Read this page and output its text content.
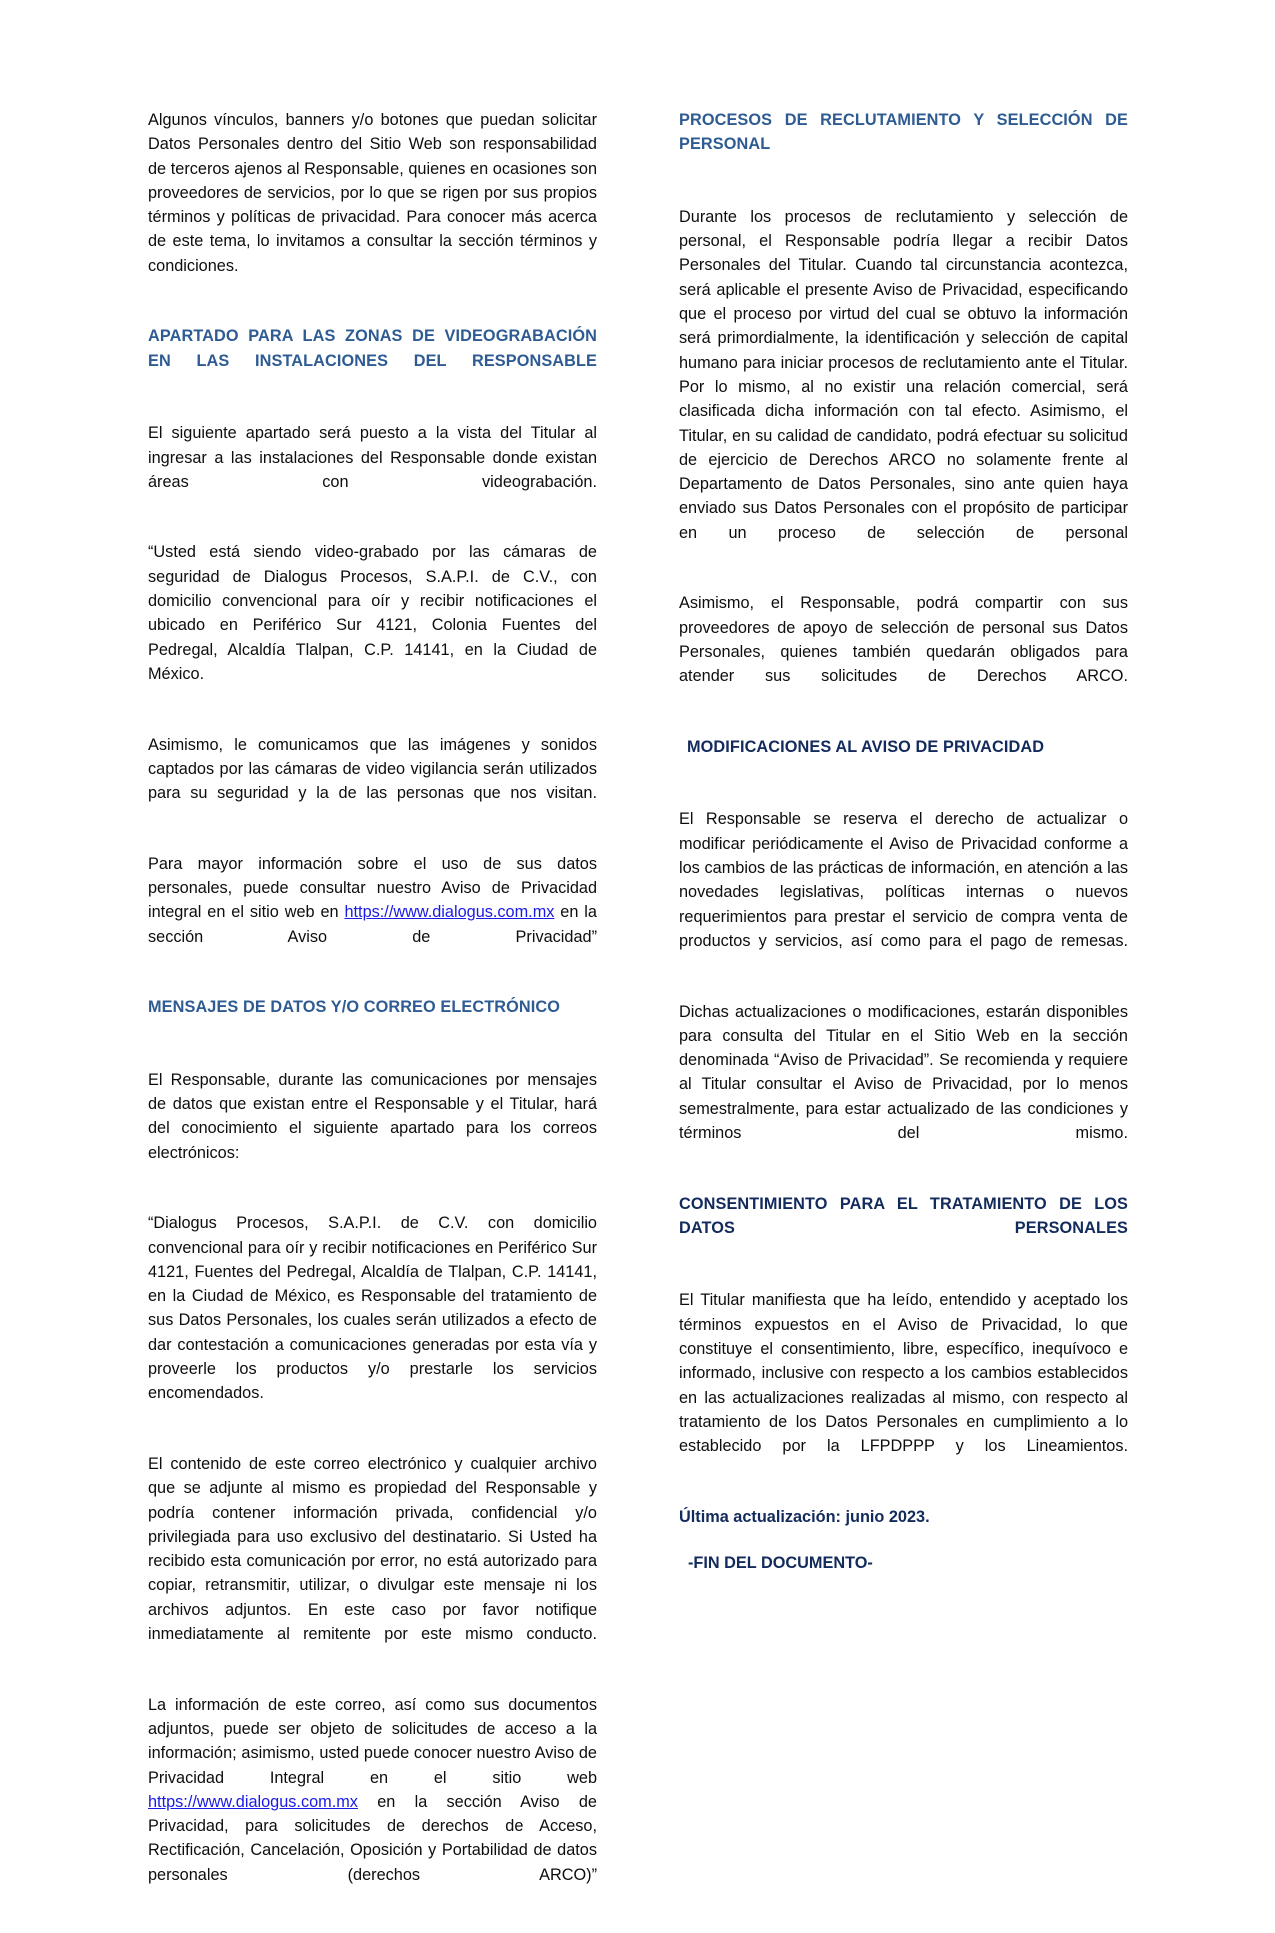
Algunos vínculos, banners y/o botones que puedan solicitar Datos Personales dentro del Sitio Web son responsabilidad de terceros ajenos al Responsable, quienes en ocasiones son proveedores de servicios, por lo que se rigen por sus propios términos y políticas de privacidad. Para conocer más acerca de este tema, lo invitamos a consultar la sección términos y condiciones.

APARTADO PARA LAS ZONAS DE VIDEOGRABACIÓN EN LAS INSTALACIONES DEL RESPONSABLE

El siguiente apartado será puesto a la vista del Titular al ingresar a las instalaciones del Responsable donde existan áreas con videograbación.

“Usted está siendo video-grabado por las cámaras de seguridad de Dialogus Procesos, S.A.P.I. de C.V., con domicilio convencional para oír y recibir notificaciones el ubicado en Periférico Sur 4121, Colonia Fuentes del Pedregal, Alcaldía Tlalpan, C.P. 14141, en la Ciudad de México.

Asimismo, le comunicamos que las imágenes y sonidos captados por las cámaras de video vigilancia serán utilizados para su seguridad y la de las personas que nos visitan.

Para mayor información sobre el uso de sus datos personales, puede consultar nuestro Aviso de Privacidad integral en el sitio web en https://www.dialogus.com.mx en la sección Aviso de Privacidad”

MENSAJES DE DATOS Y/O CORREO ELECTRÓNICO

El Responsable, durante las comunicaciones por mensajes de datos que existan entre el Responsable y el Titular, hará del conocimiento el siguiente apartado para los correos electrónicos:

“Dialogus Procesos, S.A.P.I. de C.V. con domicilio convencional para oír y recibir notificaciones en Periférico Sur 4121, Fuentes del Pedregal, Alcaldía de Tlalpan, C.P. 14141, en la Ciudad de México, es Responsable del tratamiento de sus Datos Personales, los cuales serán utilizados a efecto de dar contestación a comunicaciones generadas por esta vía y proveerle los productos y/o prestarle los servicios encomendados.

El contenido de este correo electrónico y cualquier archivo que se adjunte al mismo es propiedad del Responsable y podría contener información privada, confidencial y/o privilegiada para uso exclusivo del destinatario. Si Usted ha recibido esta comunicación por error, no está autorizado para copiar, retransmitir, utilizar, o divulgar este mensaje ni los archivos adjuntos. En este caso por favor notifique inmediatamente al remitente por este mismo conducto.

La información de este correo, así como sus documentos adjuntos, puede ser objeto de solicitudes de acceso a la información; asimismo, usted puede conocer nuestro Aviso de Privacidad Integral en el sitio web https://www.dialogus.com.mx en la sección Aviso de Privacidad, para solicitudes de derechos de Acceso, Rectificación, Cancelación, Oposición y Portabilidad de datos personales (derechos ARCO)”

PROCESOS DE RECLUTAMIENTO Y SELECCIÓN DE PERSONAL

Durante los procesos de reclutamiento y selección de personal, el Responsable podría llegar a recibir Datos Personales del Titular. Cuando tal circunstancia acontezca, será aplicable el presente Aviso de Privacidad, especificando que el proceso por virtud del cual se obtuvo la información será primordialmente, la identificación y selección de capital humano para iniciar procesos de reclutamiento ante el Titular. Por lo mismo, al no existir una relación comercial, será clasificada dicha información con tal efecto. Asimismo, el Titular, en su calidad de candidato, podrá efectuar su solicitud de ejercicio de Derechos ARCO no solamente frente al Departamento de Datos Personales, sino ante quien haya enviado sus Datos Personales con el propósito de participar en un proceso de selección de personal

Asimismo, el Responsable, podrá compartir con sus proveedores de apoyo de selección de personal sus Datos Personales, quienes también quedarán obligados para atender sus solicitudes de Derechos ARCO.

MODIFICACIONES AL AVISO DE PRIVACIDAD

El Responsable se reserva el derecho de actualizar o modificar periódicamente el Aviso de Privacidad conforme a los cambios de las prácticas de información, en atención a las novedades legislativas, políticas internas o nuevos requerimientos para prestar el servicio de compra venta de productos y servicios, así como para el pago de remesas.

Dichas actualizaciones o modificaciones, estarán disponibles para consulta del Titular en el Sitio Web en la sección denominada “Aviso de Privacidad”. Se recomienda y requiere al Titular consultar el Aviso de Privacidad, por lo menos semestralmente, para estar actualizado de las condiciones y términos del mismo.

CONSENTIMIENTO PARA EL TRATAMIENTO DE LOS DATOS PERSONALES

El Titular manifiesta que ha leído, entendido y aceptado los términos expuestos en el Aviso de Privacidad, lo que constituye el consentimiento, libre, específico, inequívoco e informado, inclusive con respecto a los cambios establecidos en las actualizaciones realizadas al mismo, con respecto al tratamiento de los Datos Personales en cumplimiento a lo establecido por la LFPDPPP y los Lineamientos.

Última actualización: junio 2023.
-FIN DEL DOCUMENTO-
